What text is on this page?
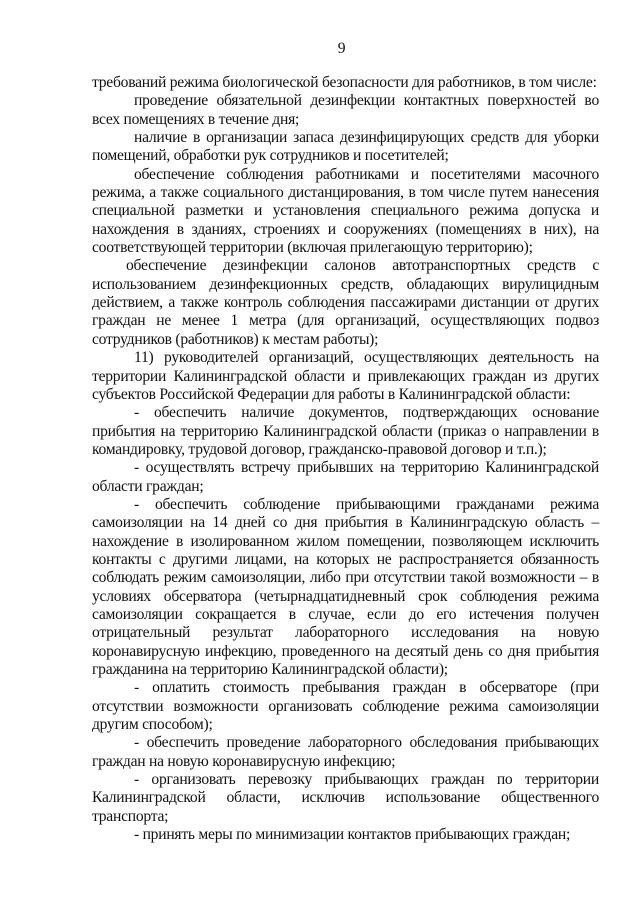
9

требований режима биологической безопасности для работников, в том числе:

проведение обязательной дезинфекции контактных поверхностей во всех помещениях в течение дня;

наличие в организации запаса дезинфицирующих средств для уборки помещений, обработки рук сотрудников и посетителей;

обеспечение соблюдения работниками и посетителями масочного режима, а также социального дистанцирования, в том числе путем нанесения специальной разметки и установления специального режима допуска и нахождения в зданиях, строениях и сооружениях (помещениях в них), на соответствующей территории (включая прилегающую территорию);

обеспечение дезинфекции салонов автотранспортных средств с использованием дезинфекционных средств, обладающих вирулицидным действием, а также контроль соблюдения пассажирами дистанции от других граждан не менее 1 метра (для организаций, осуществляющих подвоз сотрудников (работников) к местам работы);

11) руководителей организаций, осуществляющих деятельность на территории Калининградской области и привлекающих граждан из других субъектов Российской Федерации для работы в Калининградской области:

- обеспечить наличие документов, подтверждающих основание прибытия на территорию Калининградской области (приказ о направлении в командировку, трудовой договор, гражданско-правовой договор и т.п.);

- осуществлять встречу прибывших на территорию Калининградской области граждан;

- обеспечить соблюдение прибывающими гражданами режима самоизоляции на 14 дней со дня прибытия в Калининградскую область – нахождение в изолированном жилом помещении, позволяющем исключить контакты с другими лицами, на которых не распространяется обязанность соблюдать режим самоизоляции, либо при отсутствии такой возможности – в условиях обсерватора (четырнадцатидневный срок соблюдения режима самоизоляции сокращается в случае, если до его истечения получен отрицательный результат лабораторного исследования на новую коронавирусную инфекцию, проведенного на десятый день со дня прибытия гражданина на территорию Калининградской области);

- оплатить стоимость пребывания граждан в обсерваторе (при отсутствии возможности организовать соблюдение режима самоизоляции другим способом);

- обеспечить проведение лабораторного обследования прибывающих граждан на новую коронавирусную инфекцию;

- организовать перевозку прибывающих граждан по территории Калининградской области, исключив использование общественного транспорта;

- принять меры по минимизации контактов прибывающих граждан;
